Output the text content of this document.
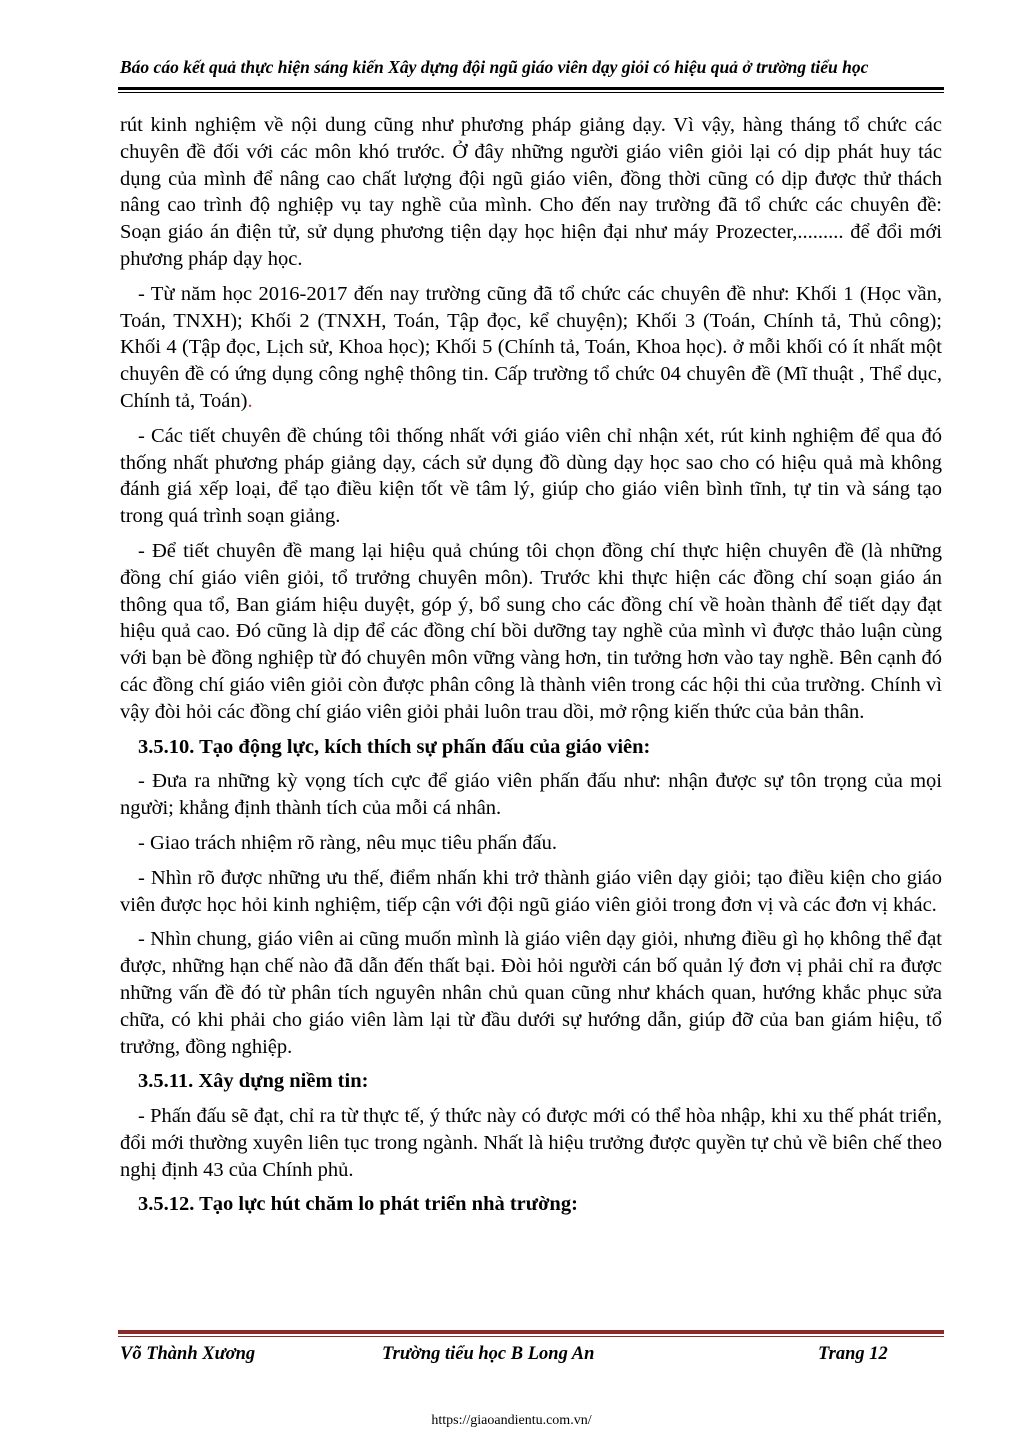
Báo cáo kết quả thực hiện sáng kiến Xây dựng đội ngũ giáo viên dạy giỏi có hiệu quả ở trường tiểu học

rút kinh nghiệm về nội dung cũng như phương pháp giảng dạy. Vì vậy, hàng tháng tổ chức các chuyên đề đối với các môn khó trước. Ở đây những người giáo viên giỏi lại có dịp phát huy tác dụng của mình để nâng cao chất lượng đội ngũ giáo viên, đồng thời cũng có dịp được thử thách nâng cao trình độ nghiệp vụ tay nghề của mình. Cho đến nay trường đã tổ chức các chuyên đề: Soạn giáo án điện tử, sử dụng phương tiện dạy học hiện đại như máy Prozecter,......... để đổi mới phương pháp dạy học.

- Từ năm học 2016-2017 đến nay trường cũng đã tổ chức các chuyên đề như: Khối 1 (Học vần, Toán, TNXH); Khối 2 (TNXH, Toán, Tập đọc, kể chuyện); Khối 3 (Toán, Chính tả, Thủ công); Khối 4 (Tập đọc, Lịch sử, Khoa học); Khối 5 (Chính tả, Toán, Khoa học). ở mỗi khối có ít nhất một chuyên đề có ứng dụng công nghệ thông tin. Cấp trường tổ chức 04 chuyên đề (Mĩ thuật , Thể dục, Chính tả, Toán).

- Các tiết chuyên đề chúng tôi thống nhất với giáo viên chỉ nhận xét, rút kinh nghiệm để qua đó thống nhất phương pháp giảng dạy, cách sử dụng đồ dùng dạy học sao cho có hiệu quả mà không đánh giá xếp loại, để tạo điều kiện tốt về tâm lý, giúp cho giáo viên bình tĩnh, tự tin và sáng tạo trong quá trình soạn giảng.

- Để tiết chuyên đề mang lại hiệu quả chúng tôi chọn đồng chí thực hiện chuyên đề (là những đồng chí giáo viên giỏi, tổ trưởng chuyên môn). Trước khi thực hiện các đồng chí soạn giáo án thông qua tổ, Ban giám hiệu duyệt, góp ý, bổ sung cho các đồng chí về hoàn thành để tiết dạy đạt hiệu quả cao. Đó cũng là dịp để các đồng chí bồi dưỡng tay nghề của mình vì được thảo luận cùng với bạn bè đồng nghiệp từ đó chuyên môn vững vàng hơn, tin tưởng hơn vào tay nghề. Bên cạnh đó các đồng chí giáo viên giỏi còn được phân công là thành viên trong các hội thi của trường. Chính vì vậy đòi hỏi các đồng chí giáo viên giỏi phải luôn trau dồi, mở rộng kiến thức của bản thân.

3.5.10. Tạo động lực, kích thích sự phấn đấu của giáo viên:

- Đưa ra những kỳ vọng tích cực để giáo viên phấn đấu như: nhận được sự tôn trọng của mọi người; khẳng định thành tích của mỗi cá nhân.

- Giao trách nhiệm rõ ràng, nêu mục tiêu phấn đấu.

- Nhìn rõ được những ưu thế, điểm nhấn khi trở thành giáo viên dạy giỏi; tạo điều kiện cho giáo viên được học hỏi kinh nghiệm, tiếp cận với đội ngũ giáo viên giỏi trong đơn vị và các đơn vị khác.

- Nhìn chung, giáo viên ai cũng muốn mình là giáo viên dạy giỏi, nhưng điều gì họ không thể đạt được, những hạn chế nào đã dẫn đến thất bại. Đòi hỏi người cán bố quản lý đơn vị phải chỉ ra được những vấn đề đó từ phân tích nguyên nhân chủ quan cũng như khách quan, hướng khắc phục sửa chữa, có khi phải cho giáo viên làm lại từ đầu dưới sự hướng dẫn, giúp đỡ của ban giám hiệu, tổ trưởng, đồng nghiệp.

3.5.11. Xây dựng niềm tin:

- Phấn đấu sẽ đạt, chỉ ra từ thực tế, ý thức này có được mới có thể hòa nhập, khi xu thế phát triển, đổi mới thường xuyên liên tục trong ngành. Nhất là hiệu trưởng được quyền tự chủ về biên chế theo nghị định 43 của Chính phủ.

3.5.12. Tạo lực hút chăm lo phát triển nhà trường:
Võ Thành Xương	Trường tiểu học B Long An	Trang 12
https://giaoandientu.com.vn/
